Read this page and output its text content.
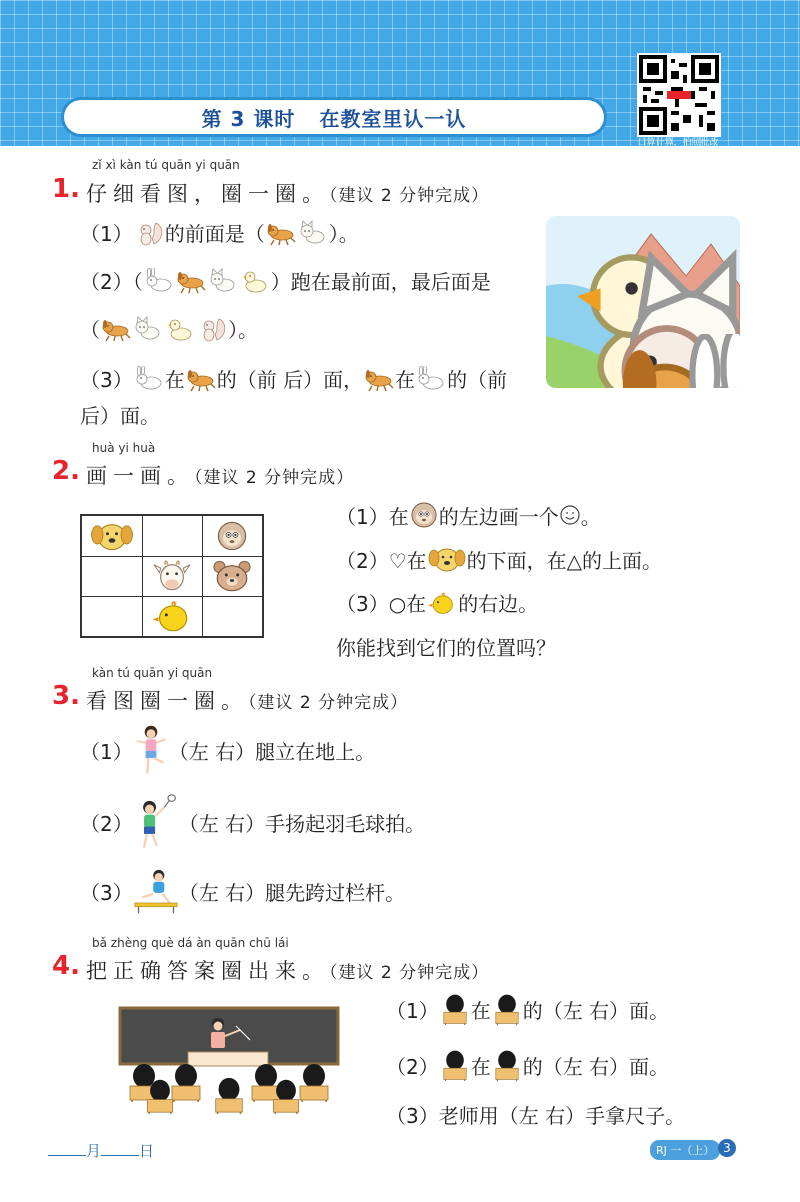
第 3 课时 在教室里认一认
口算计算，拍照批改
zǐ xì kàn tú quān yi quān
1. 仔细看图，圈一圈。（建议 2 分钟完成）
（1） 的前面是（	）。
（2）（	）跑在最前面，最后面是
（	）。
（3） 在 的（前 后）面， 在 的（前
后）面。
huà yi huà
2. 画一画。（建议 2 分钟完成）
（1）在 的左边画一个 。
（2）♡在 的下面，在△的上面。
（3）○在 的右边。
你能找到它们的位置吗？
kàn tú quān yi quān
3. 看图圈一圈。（建议 2 分钟完成）
（1） （左 右）腿立在地上。
（2） （左 右）手扬起羽毛球拍。
（3） （左 右）腿先跨过栏杆。
bǎ zhèng què dá àn quān chū lái
4. 把正确答案圈出来。（建议 2 分钟完成）
（1） 在 的（左 右）面。
（2） 在 的（左 右）面。
（3）老师用（左 右）手拿尺子。
月	日	RJ 一（上） 3
